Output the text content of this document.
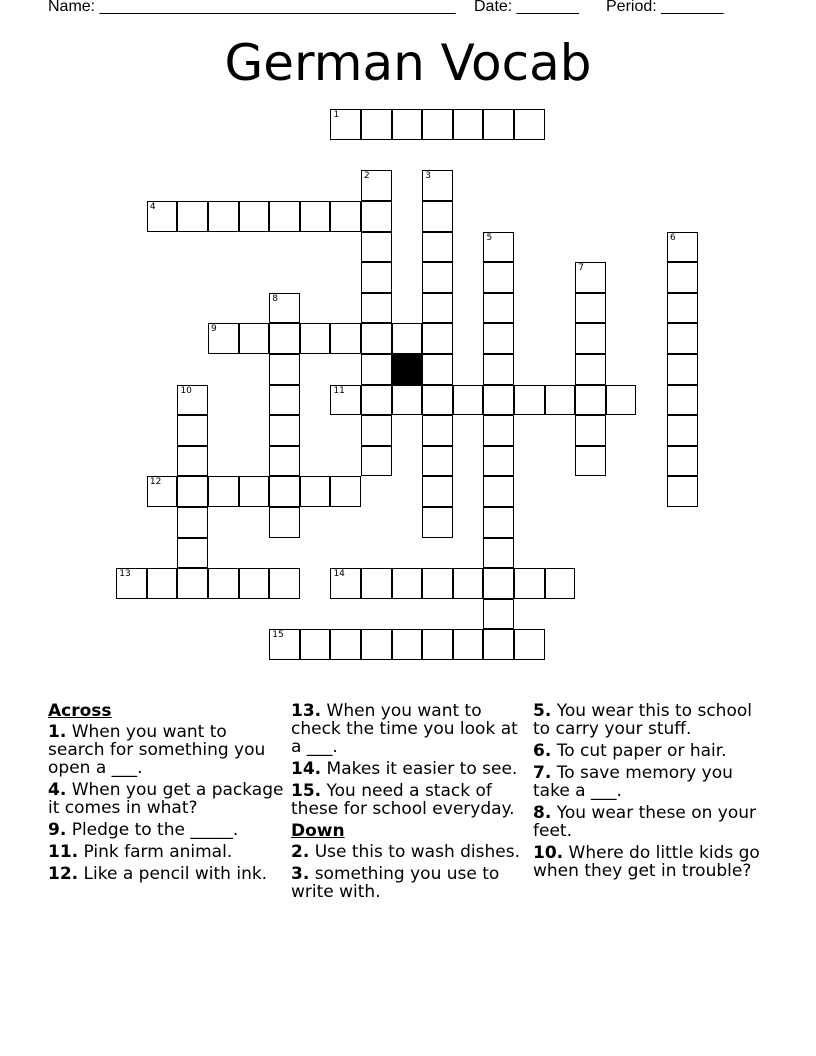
Name: ________________________________________ Date: _______ Period: _______
German Vocab
1
2	3
4
5	6
7
8
9
10	11
12
13	14
15
Across
1. When you want to search for something you open a ___.
4. When you get a package it comes in what?
9. Pledge to the _____.
11. Pink farm animal.
12. Like a pencil with ink.
13. When you want to check the time you look at a ___.
14. Makes it easier to see.
15. You need a stack of these for school everyday.
Down
2. Use this to wash dishes.
3. something you use to write with.
5. You wear this to school to carry your stuff.
6. To cut paper or hair.
7. To save memory you take a ___.
8. You wear these on your feet.
10. Where do little kids go when they get in trouble?
